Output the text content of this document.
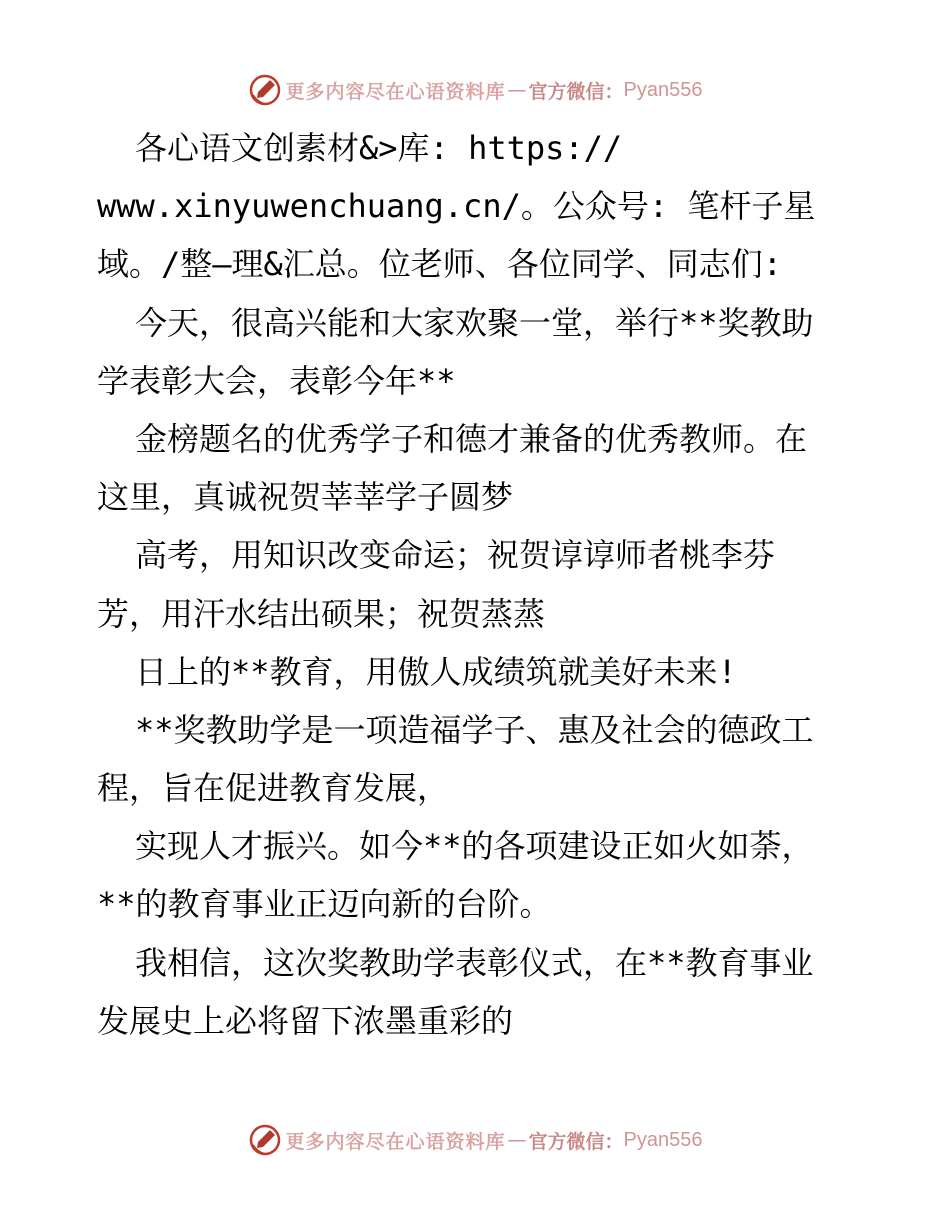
更多内容尽在心语资料库 — 官方微信： Pyan556
各心语文创素材&>库: https://
www.xinyuwenchuang.cn/。公众号: 笔杆子星
域。/整—理&汇总。位老师、各位同学、同志们:
今天，很高兴能和大家欢聚一堂，举行**奖教助
学表彰大会，表彰今年**
金榜题名的优秀学子和德才兼备的优秀教师。在
这里，真诚祝贺莘莘学子圆梦
高考，用知识改变命运；祝贺谆谆师者桃李芬
芳，用汗水结出硕果；祝贺蒸蒸
日上的**教育，用傲人成绩筑就美好未来!
**奖教助学是一项造福学子、惠及社会的德政工
程，旨在促进教育发展，
实现人才振兴。如今**的各项建设正如火如荼，
**的教育事业正迈向新的台阶。
我相信，这次奖教助学表彰仪式，在**教育事业
发展史上必将留下浓墨重彩的
更多内容尽在心语资料库 — 官方微信： Pyan556
